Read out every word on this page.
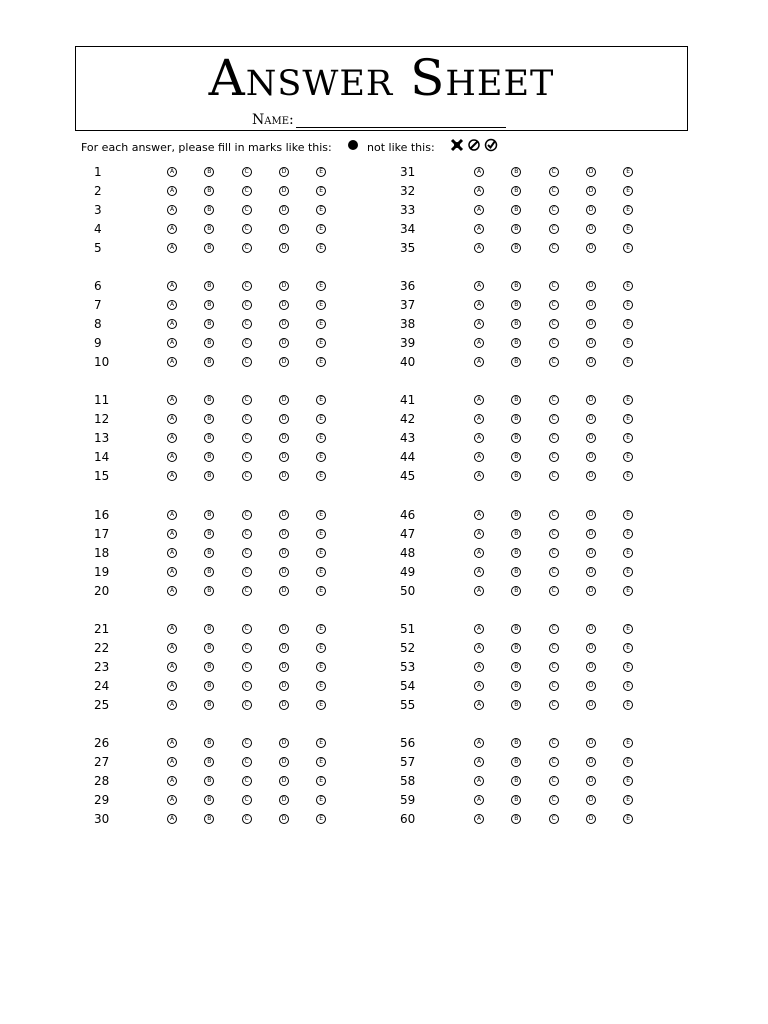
Answer Sheet
Name:
For each answer, please fill in marks like this:	not like this:
1	A	B	C	D	E
2	A	B	C	D	E
3	A	B	C	D	E
4	A	B	C	D	E
5	A	B	C	D	E
6	A	B	C	D	E
7	A	B	C	D	E
8	A	B	C	D	E
9	A	B	C	D	E
10	A	B	C	D	E
11	A	B	C	D	E
12	A	B	C	D	E
13	A	B	C	D	E
14	A	B	C	D	E
15	A	B	C	D	E
16	A	B	C	D	E
17	A	B	C	D	E
18	A	B	C	D	E
19	A	B	C	D	E
20	A	B	C	D	E
21	A	B	C	D	E
22	A	B	C	D	E
23	A	B	C	D	E
24	A	B	C	D	E
25	A	B	C	D	E
26	A	B	C	D	E
27	A	B	C	D	E
28	A	B	C	D	E
29	A	B	C	D	E
30	A	B	C	D	E
31	A	B	C	D	E
32	A	B	C	D	E
33	A	B	C	D	E
34	A	B	C	D	E
35	A	B	C	D	E
36	A	B	C	D	E
37	A	B	C	D	E
38	A	B	C	D	E
39	A	B	C	D	E
40	A	B	C	D	E
41	A	B	C	D	E
42	A	B	C	D	E
43	A	B	C	D	E
44	A	B	C	D	E
45	A	B	C	D	E
46	A	B	C	D	E
47	A	B	C	D	E
48	A	B	C	D	E
49	A	B	C	D	E
50	A	B	C	D	E
51	A	B	C	D	E
52	A	B	C	D	E
53	A	B	C	D	E
54	A	B	C	D	E
55	A	B	C	D	E
56	A	B	C	D	E
57	A	B	C	D	E
58	A	B	C	D	E
59	A	B	C	D	E
60	A	B	C	D	E
